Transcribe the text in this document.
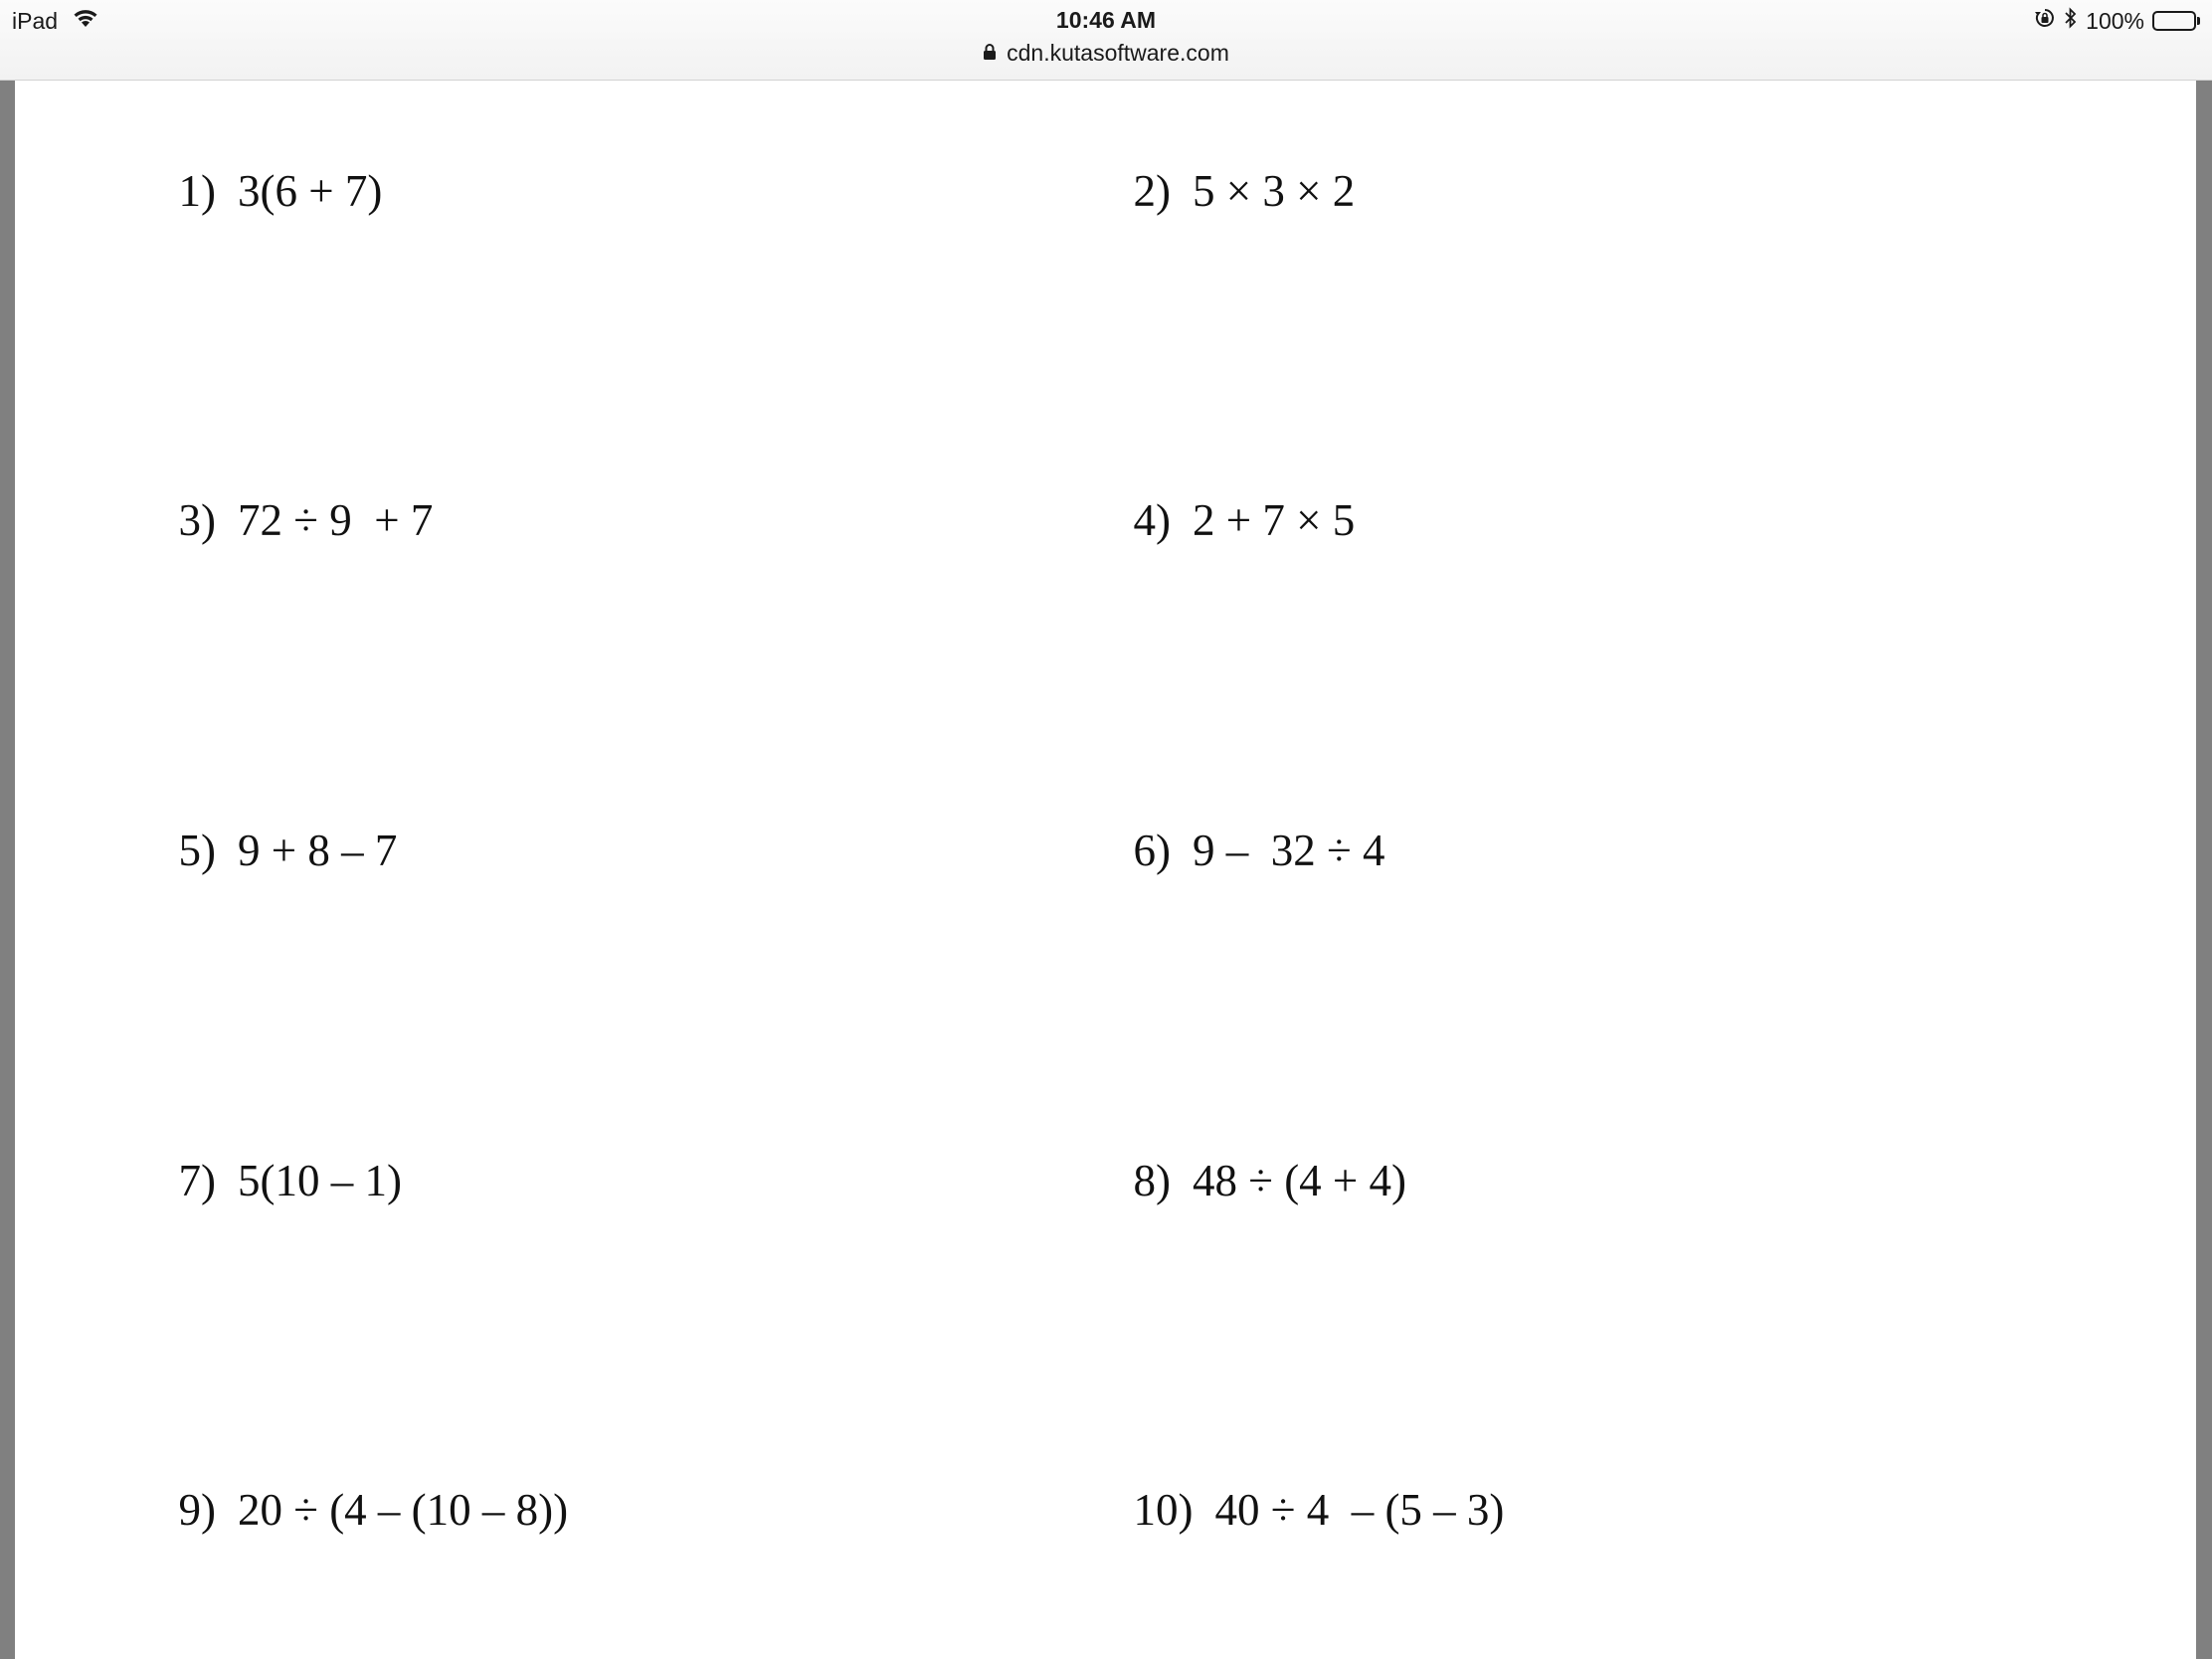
iPad	10:46 AM
cdn.kutasoftware.com
100%

1) 3(6 + 7)	2) 5 × 3 × 2

3) 72 ÷ 9  + 7	4) 2 + 7 × 5

5) 9 + 8 – 7	6) 9 –  32 ÷ 4

7) 5(10 – 1)	8) 48 ÷ (4 + 4)

9) 20 ÷ (4 – (10 – 8))	10) 40 ÷ 4  – (5 – 3)
